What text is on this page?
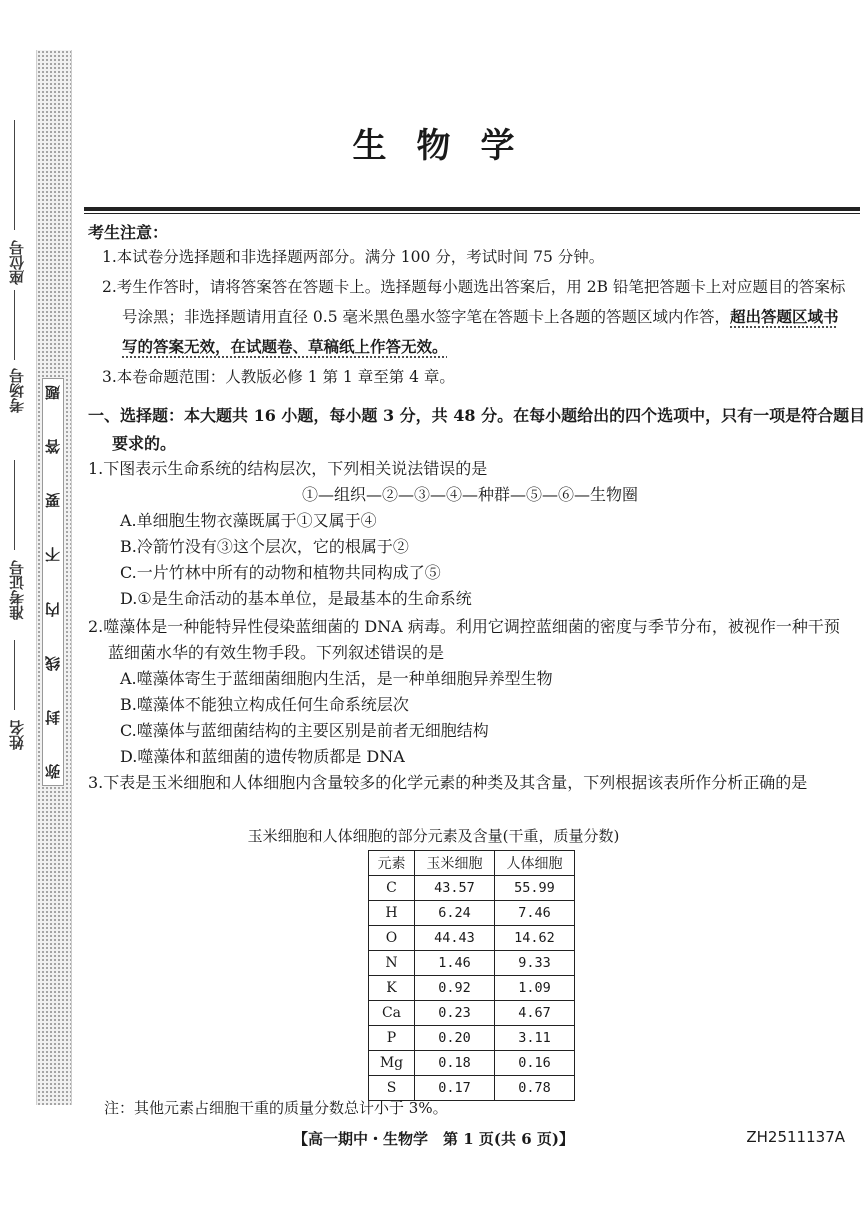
题
答
要
不
内
线
封
弥
座位号
考场号
准考证号
姓名
生物学
考生注意：
1.本试卷分选择题和非选择题两部分。满分 100 分，考试时间 75 分钟。
2.考生作答时，请将答案答在答题卡上。选择题每小题选出答案后，用 2B 铅笔把答题卡上对应题目的答案标号涂黑；非选择题请用直径 0.5 毫米黑色墨水签字笔在答题卡上各题的答题区域内作答，超出答题区域书写的答案无效，在试题卷、草稿纸上作答无效。
3.本卷命题范围：人教版必修 1 第 1 章至第 4 章。
一、选择题：本大题共 16 小题，每小题 3 分，共 48 分。在每小题给出的四个选项中，只有一项是符合题目要求的。
1.下图表示生命系统的结构层次，下列相关说法错误的是
①—组织—②—③—④—种群—⑤—⑥—生物圈
A.单细胞生物衣藻既属于①又属于④
B.冷箭竹没有③这个层次，它的根属于②
C.一片竹林中所有的动物和植物共同构成了⑤
D.①是生命活动的基本单位，是最基本的生命系统
2.噬藻体是一种能特异性侵染蓝细菌的 DNA 病毒。利用它调控蓝细菌的密度与季节分布，被视作一种干预蓝细菌水华的有效生物手段。下列叙述错误的是
A.噬藻体寄生于蓝细菌细胞内生活，是一种单细胞异养型生物
B.噬藻体不能独立构成任何生命系统层次
C.噬藻体与蓝细菌结构的主要区别是前者无细胞结构
D.噬藻体和蓝细菌的遗传物质都是 DNA
3.下表是玉米细胞和人体细胞内含量较多的化学元素的种类及其含量，下列根据该表所作分析正确的是
玉米细胞和人体细胞的部分元素及含量(干重，质量分数)
元素	玉米细胞	人体细胞
C	43.57	55.99
H	6.24	7.46
O	44.43	14.62
N	1.46	9.33
K	0.92	1.09
Ca	0.23	4.67
P	0.20	3.11
Mg	0.18	0.16
S	0.17	0.78
注：其他元素占细胞干重的质量分数总计小于 3%。
【高一期中・生物学　第 1 页(共 6 页)】	ZH2511137A
